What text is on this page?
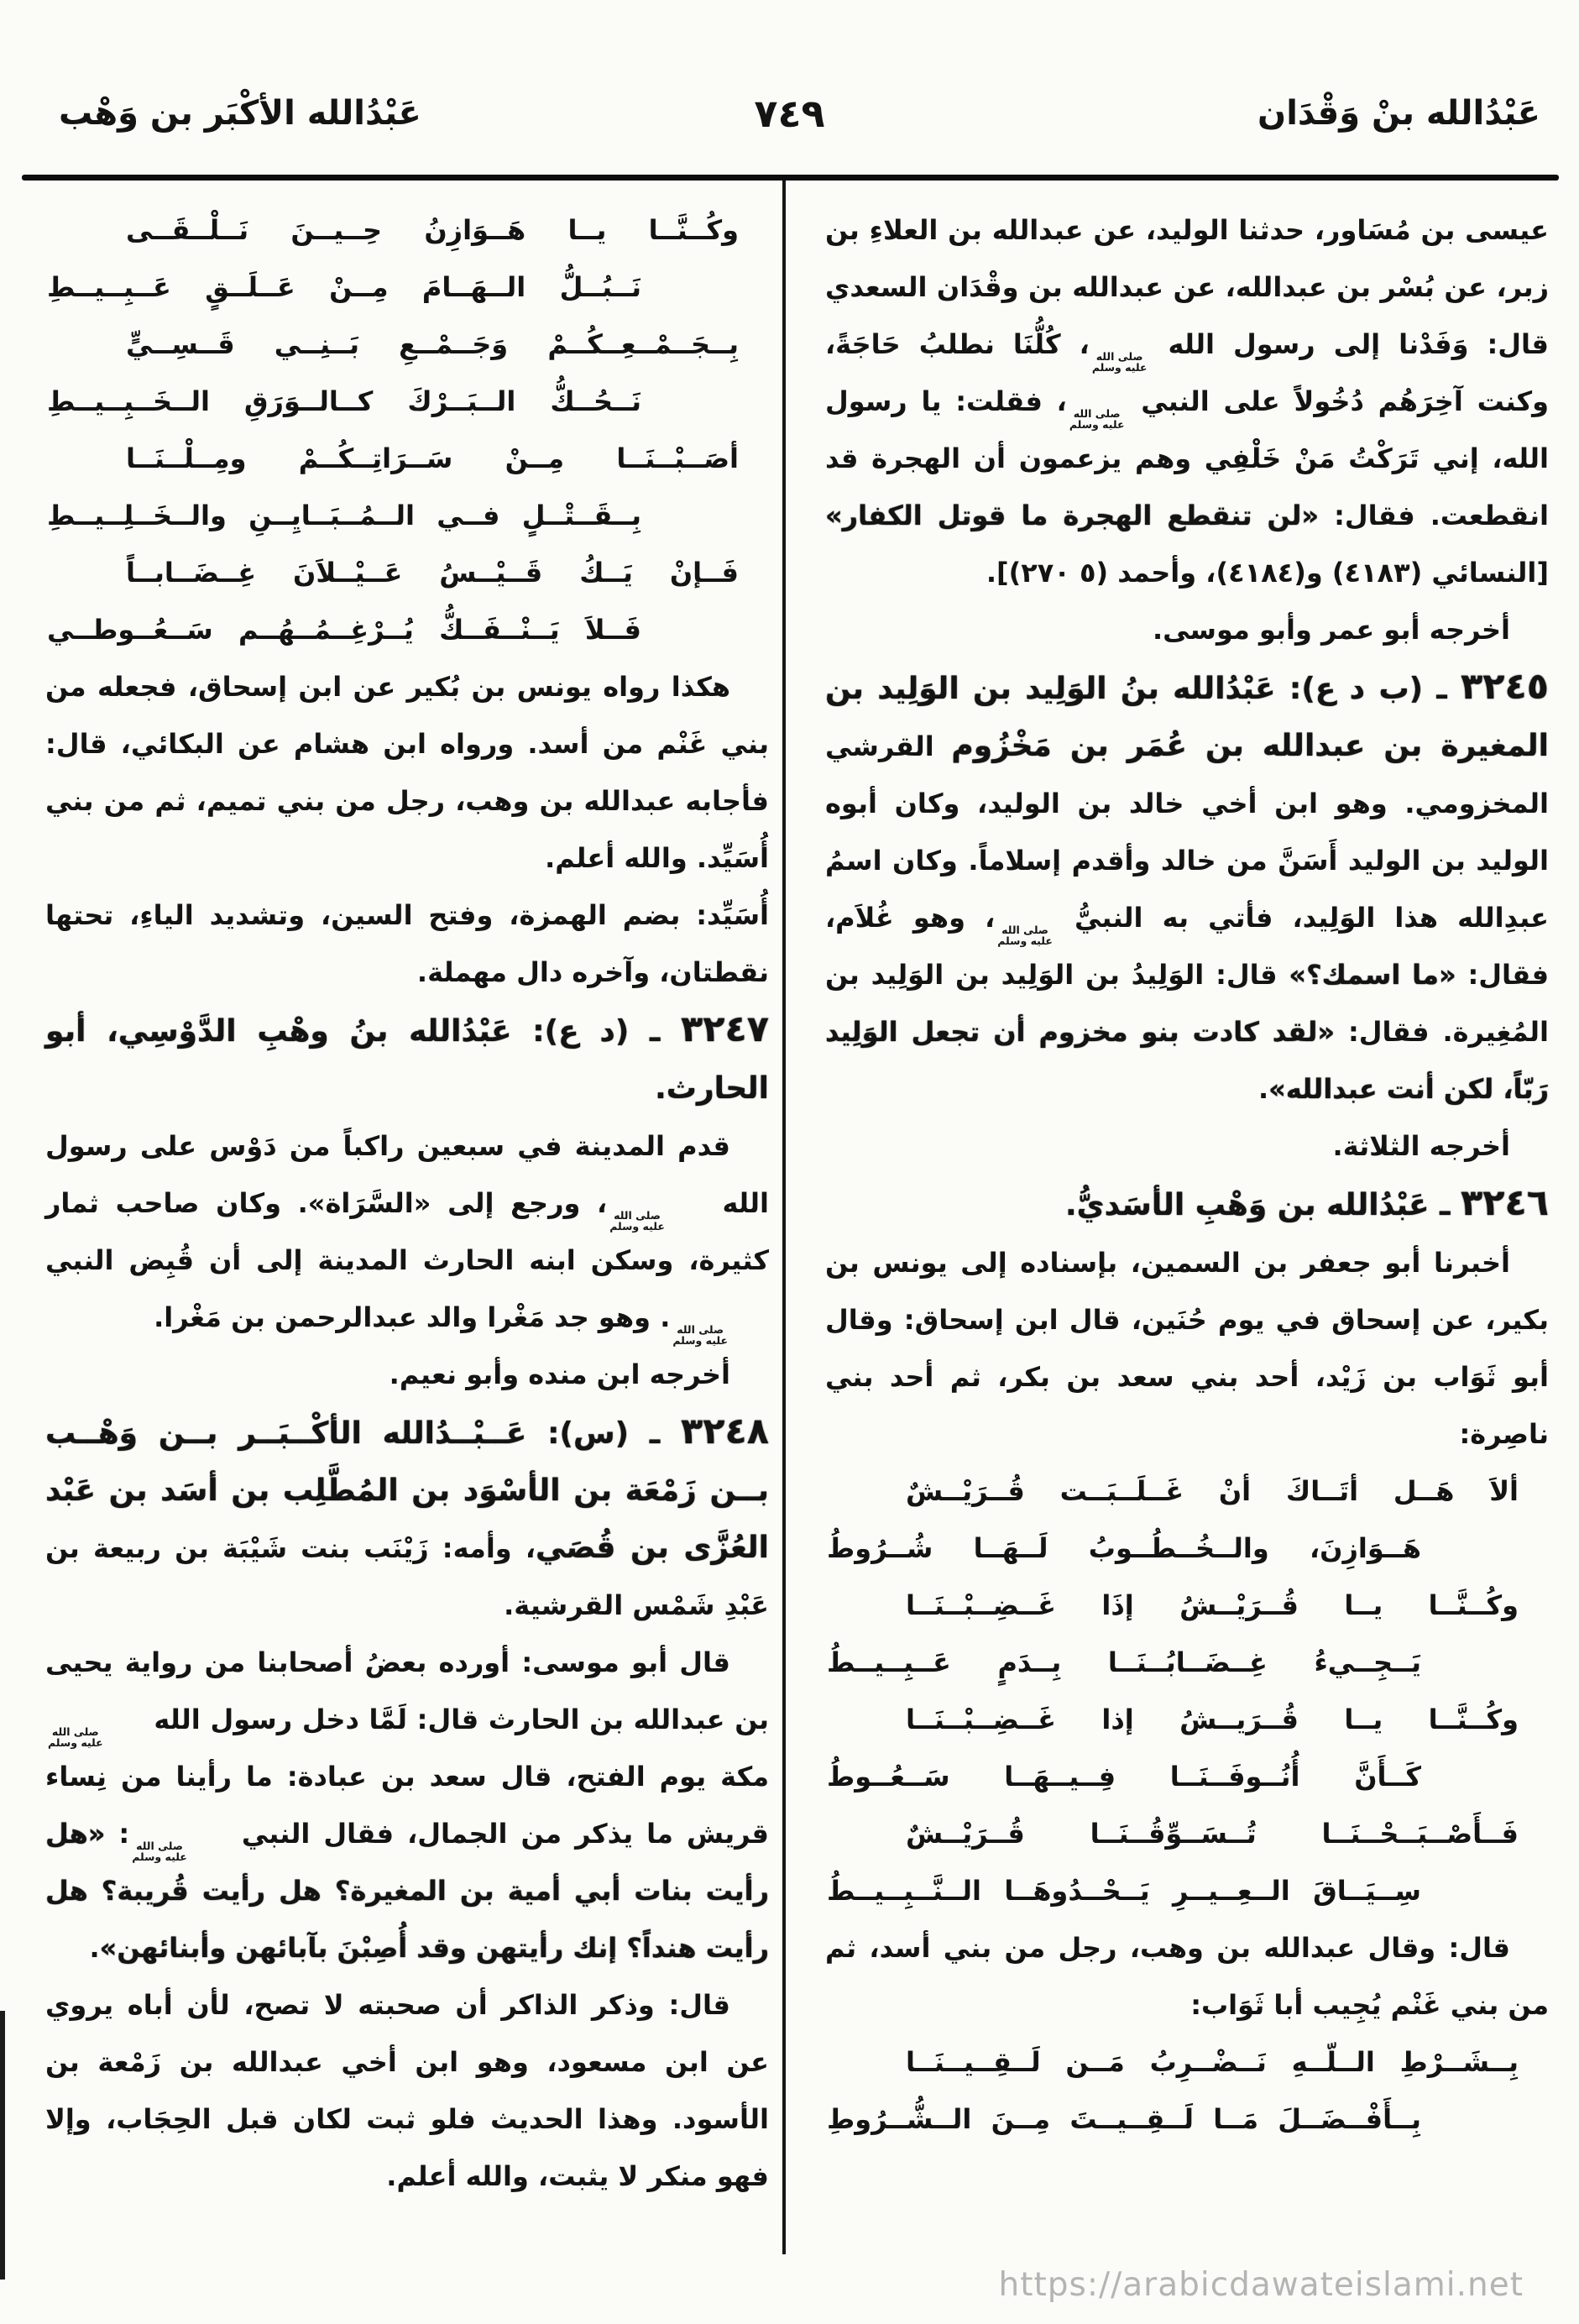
عَبْدُالله الأكْبَر بن وَهْب	٧٤٩	عَبْدُالله بنْ وَقْدَان
عيسى بن مُسَاور، حدثنا الوليد، عن عبدالله بن العلاءِ بن زبر، عن بُسْر بن عبدالله، عن عبدالله بن وقْدَان السعدي قال: وَفَدْنا إلى رسول الله
صلى الله
عليه وسلم
، كُلُّنَا نطلبُ حَاجَةً، وكنت آخِرَهُم دُخُولاً على النبي
صلى الله
عليه وسلم
، فقلت: يا رسول الله، إني تَرَكْتُ مَنْ خَلْفِي وهم يزعمون أن الهجرة قد انقطعت. فقال: «لن تنقطع الهجرة ما قوتل الكفار» [النسائي (٤١٨٣) و(٤١٨٤)، وأحمد (٥ ٢٧٠)].
أخرجه أبو عمر وأبو موسى.
٣٢٤٥ ـ (ب د ع): عَبْدُالله بنُ الوَلِيد بن الوَلِيد بن المغيرة بن عبدالله بن عُمَر بن مَخْزُوم القرشي المخزومي. وهو ابن أخي خالد بن الوليد، وكان أبوه الوليد بن الوليد أَسَنَّ من خالد وأقدم إسلاماً. وكان اسمُ عبدِالله هذا الوَلِيد، فأتي به النبيُّ
صلى الله
عليه وسلم
، وهو غُلاَم، فقال: «ما اسمك؟» قال: الوَلِيدُ بن الوَلِيد بن الوَلِيد بن المُغِيرة. فقال: «لقد كادت بنو مخزوم أن تجعل الوَلِيد رَبّاً، لكن أنت عبدالله».
أخرجه الثلاثة.
٣٢٤٦ ـ عَبْدُالله بن وَهْبِ الأسَديُّ.
أخبرنا أبو جعفر بن السمين، بإسناده إلى يونس بن بكير، عن إسحاق في يوم حُنَين، قال ابن إسحاق: وقال أبو ثَوَاب بن زَيْد، أحد بني سعد بن بكر، ثم أحد بني ناصِرة:
ألاَ هَــل أتَــاكَ أنْ غَــلَــبَــت قُــرَيْــشٌ
هَــوَازِنَ، والــخُــطُــوبُ لَــهَــا شُــرُوطُ
وكُــنَّــا يــا قُــرَيْــشُ إذَا غَــضِــبْــنَــا
يَــجِــيءُ غِــضَــابُــنَــا بِــدَمٍ عَــبِــيــطُ
وكُــنَّــا يــا قُــرَيــشُ إذا غَــضِــبْــنَــا
كَــأَنَّ أُنُــوفَــنَــا فِــيــهَــا سَــعُــوطُ
فَــأَصْــبَــحْــنَــا تُــسَــوِّقُــنَــا قُــرَيْــشٌ
سِــيَــاقَ الــعِــيــرِ يَــحْــدُوهَــا الــنَّــبِــيــطُ
قال: وقال عبدالله بن وهب، رجل من بني أسد، ثم من بني غَنْم يُجِيب أبا ثَوَاب:
بِــشَــرْطِ الــلّــهِ نَــضْــرِبُ مَــن لَــقِــيــنَــا
بِــأَفْــضَــلَ مَــا لَــقِــيــتَ مِــنَ الــشُّــرُوطِ
وكُــنَّــا يــا هَــوَازِنُ حِــيــنَ نَــلْــقَــى
نَــبُــلُّ الــهَــامَ مِــنْ عَــلَــقٍ عَــبِــيــطِ
بِــجَــمْــعِــكُــمْ وَجَــمْــعِ بَــنِــي قَــسِــيٍّ
نَــحُــكُّ الــبَــرْكَ كــالــوَرَقِ الــخَــبِــيــطِ
أصَــبْــنَــا مِــنْ سَــرَاتِــكُــمْ ومِــلْــنَــا
بِــقَــتْــلٍ فــي الــمُــبَــايِــنِ والــخَــلِــيــطِ
فَــإنْ يَــكُ قَــيْــسُ عَــيْــلاَنَ غِــضَــابــاً
فَــلاَ يَــنْــفَــكُّ يُــرْغِــمُــهُــم سَــعُــوطــي
هكذا رواه يونس بن بُكير عن ابن إسحاق، فجعله من بني غَنْم من أسد. ورواه ابن هشام عن البكائي، قال: فأجابه عبدالله بن وهب، رجل من بني تميم، ثم من بني أُسَيِّد. والله أعلم.
أُسَيِّد: بضم الهمزة، وفتح السين، وتشديد الياءِ، تحتها نقطتان، وآخره دال مهملة.
٣٢٤٧ ـ (د ع): عَبْدُالله بنُ وهْبِ الدَّوْسِي، أبو الحارث.
قدم المدينة في سبعين راكباً من دَوْس على رسول الله
صلى الله
عليه وسلم
، ورجع إلى «السَّرَاة». وكان صاحب ثمار كثيرة، وسكن ابنه الحارث المدينة إلى أن قُبِض النبي
صلى الله
عليه وسلم
. وهو جد مَغْرا والد عبدالرحمن بن مَغْرا.
أخرجه ابن منده وأبو نعيم.
٣٢٤٨ ـ (س): عَــبْــدُالله الأكْــبَــر بــن وَهْــب بــن زَمْعَة بن الأسْوَد بن المُطَّلِب بن أسَد بن عَبْد العُزَّى بن قُصَي، وأمه: زَيْنَب بنت شَيْبَة بن ربيعة بن عَبْدِ شَمْس القرشية.
قال أبو موسى: أورده بعضُ أصحابنا من رواية يحيى بن عبدالله بن الحارث قال: لَمَّا دخل رسول الله
صلى الله
عليه وسلم
مكة يوم الفتح، قال سعد بن عبادة: ما رأينا من نِساء قريش ما يذكر من الجمال، فقال النبي
صلى الله
عليه وسلم
: «هل رأيت بنات أبي أمية بن المغيرة؟ هل رأيت قُريبة؟ هل رأيت هنداً؟ إنك رأيتهن وقد أُصِبْنَ بآبائهن وأبنائهن».
قال: وذكر الذاكر أن صحبته لا تصح، لأن أباه يروي عن ابن مسعود، وهو ابن أخي عبدالله بن زَمْعة بن الأسود. وهذا الحديث فلو ثبت لكان قبل الحِجَاب، وإلا فهو منكر لا يثبت، والله أعلم.
https://arabicdawateislami.net
